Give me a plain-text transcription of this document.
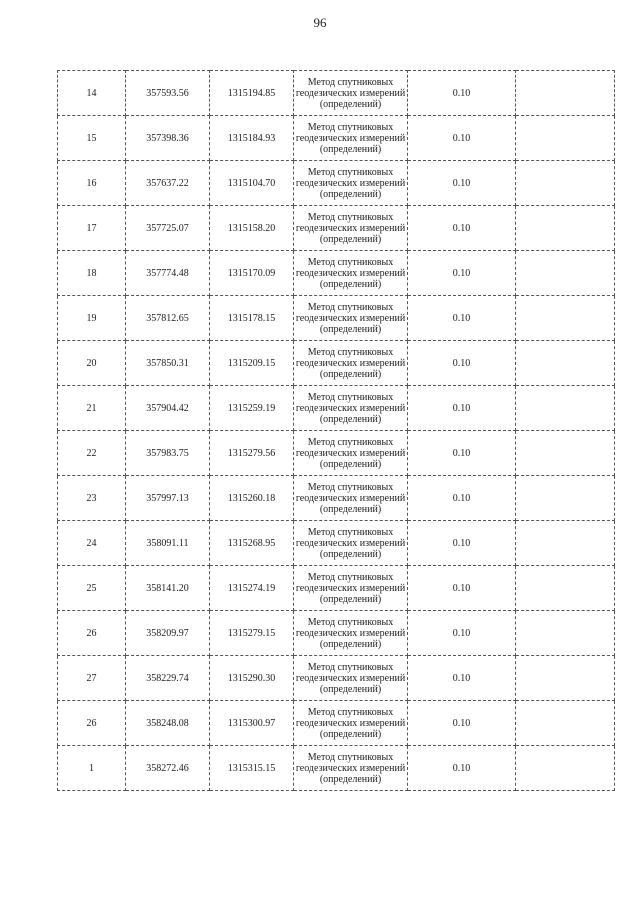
96
14	357593.56	1315194.85	Метод спутниковых
геодезических измерений
(определений)	0.10	
15	357398.36	1315184.93	Метод спутниковых
геодезических измерений
(определений)	0.10	
16	357637.22	1315104.70	Метод спутниковых
геодезических измерений
(определений)	0.10	
17	357725.07	1315158.20	Метод спутниковых
геодезических измерений
(определений)	0.10	
18	357774.48	1315170.09	Метод спутниковых
геодезических измерений
(определений)	0.10	
19	357812.65	1315178.15	Метод спутниковых
геодезических измерений
(определений)	0.10	
20	357850.31	1315209.15	Метод спутниковых
геодезических измерений
(определений)	0.10	
21	357904.42	1315259.19	Метод спутниковых
геодезических измерений
(определений)	0.10	
22	357983.75	1315279.56	Метод спутниковых
геодезических измерений
(определений)	0.10	
23	357997.13	1315260.18	Метод спутниковых
геодезических измерений
(определений)	0.10	
24	358091.11	1315268.95	Метод спутниковых
геодезических измерений
(определений)	0.10	
25	358141.20	1315274.19	Метод спутниковых
геодезических измерений
(определений)	0.10	
26	358209.97	1315279.15	Метод спутниковых
геодезических измерений
(определений)	0.10	
27	358229.74	1315290.30	Метод спутниковых
геодезических измерений
(определений)	0.10	
26	358248.08	1315300.97	Метод спутниковых
геодезических измерений
(определений)	0.10	
1	358272.46	1315315.15	Метод спутниковых
геодезических измерений
(определений)	0.10	
